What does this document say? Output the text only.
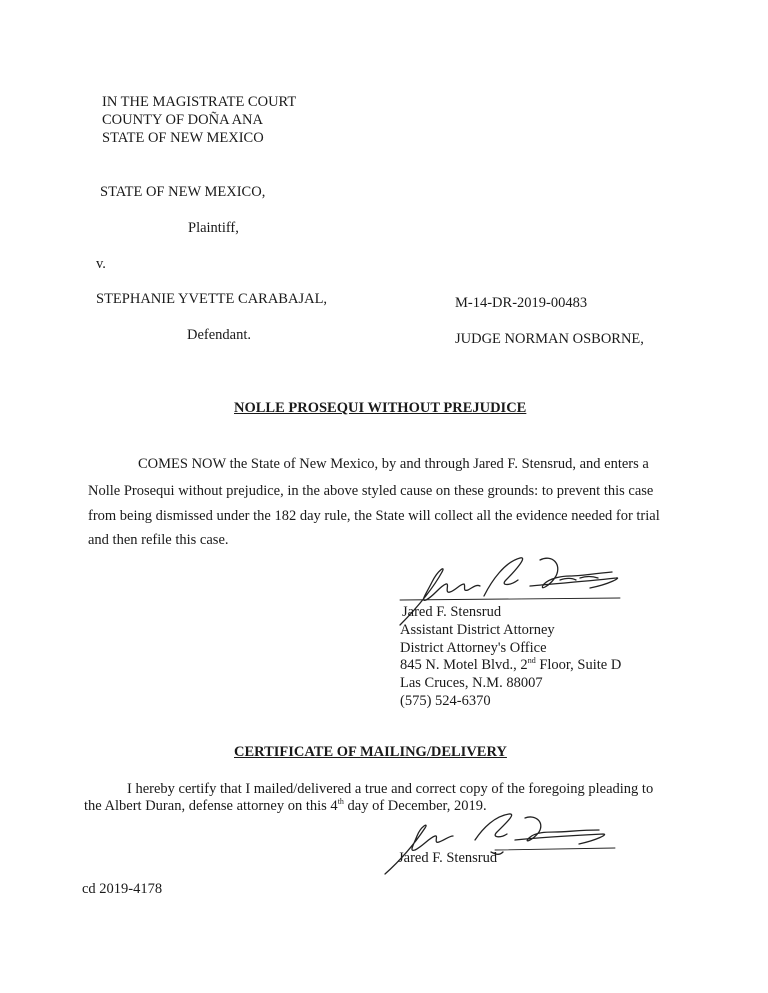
IN THE MAGISTRATE COURT
COUNTY OF DOÑA ANA
STATE OF NEW MEXICO
STATE OF NEW MEXICO,
Plaintiff,
v.
STEPHANIE YVETTE CARABAJAL,	M-14-DR-2019-00483
Defendant.	JUDGE NORMAN OSBORNE,
NOLLE PROSEQUI WITHOUT PREJUDICE
COMES NOW the State of New Mexico, by and through Jared F. Stensrud, and enters a
Nolle Prosequi without prejudice, in the above styled cause on these grounds: to prevent this case
from being dismissed under the 182 day rule, the State will collect all the evidence needed for trial
and then refile this case.
Jared F. Stensrud
Assistant District Attorney
District Attorney's Office
845 N. Motel Blvd., 2nd Floor, Suite D
Las Cruces, N.M. 88007
(575) 524-6370
CERTIFICATE OF MAILING/DELIVERY
I hereby certify that I mailed/delivered a true and correct copy of the foregoing pleading to
the Albert Duran, defense attorney on this 4th day of December, 2019.
Jared F. Stensrud
cd 2019-4178
